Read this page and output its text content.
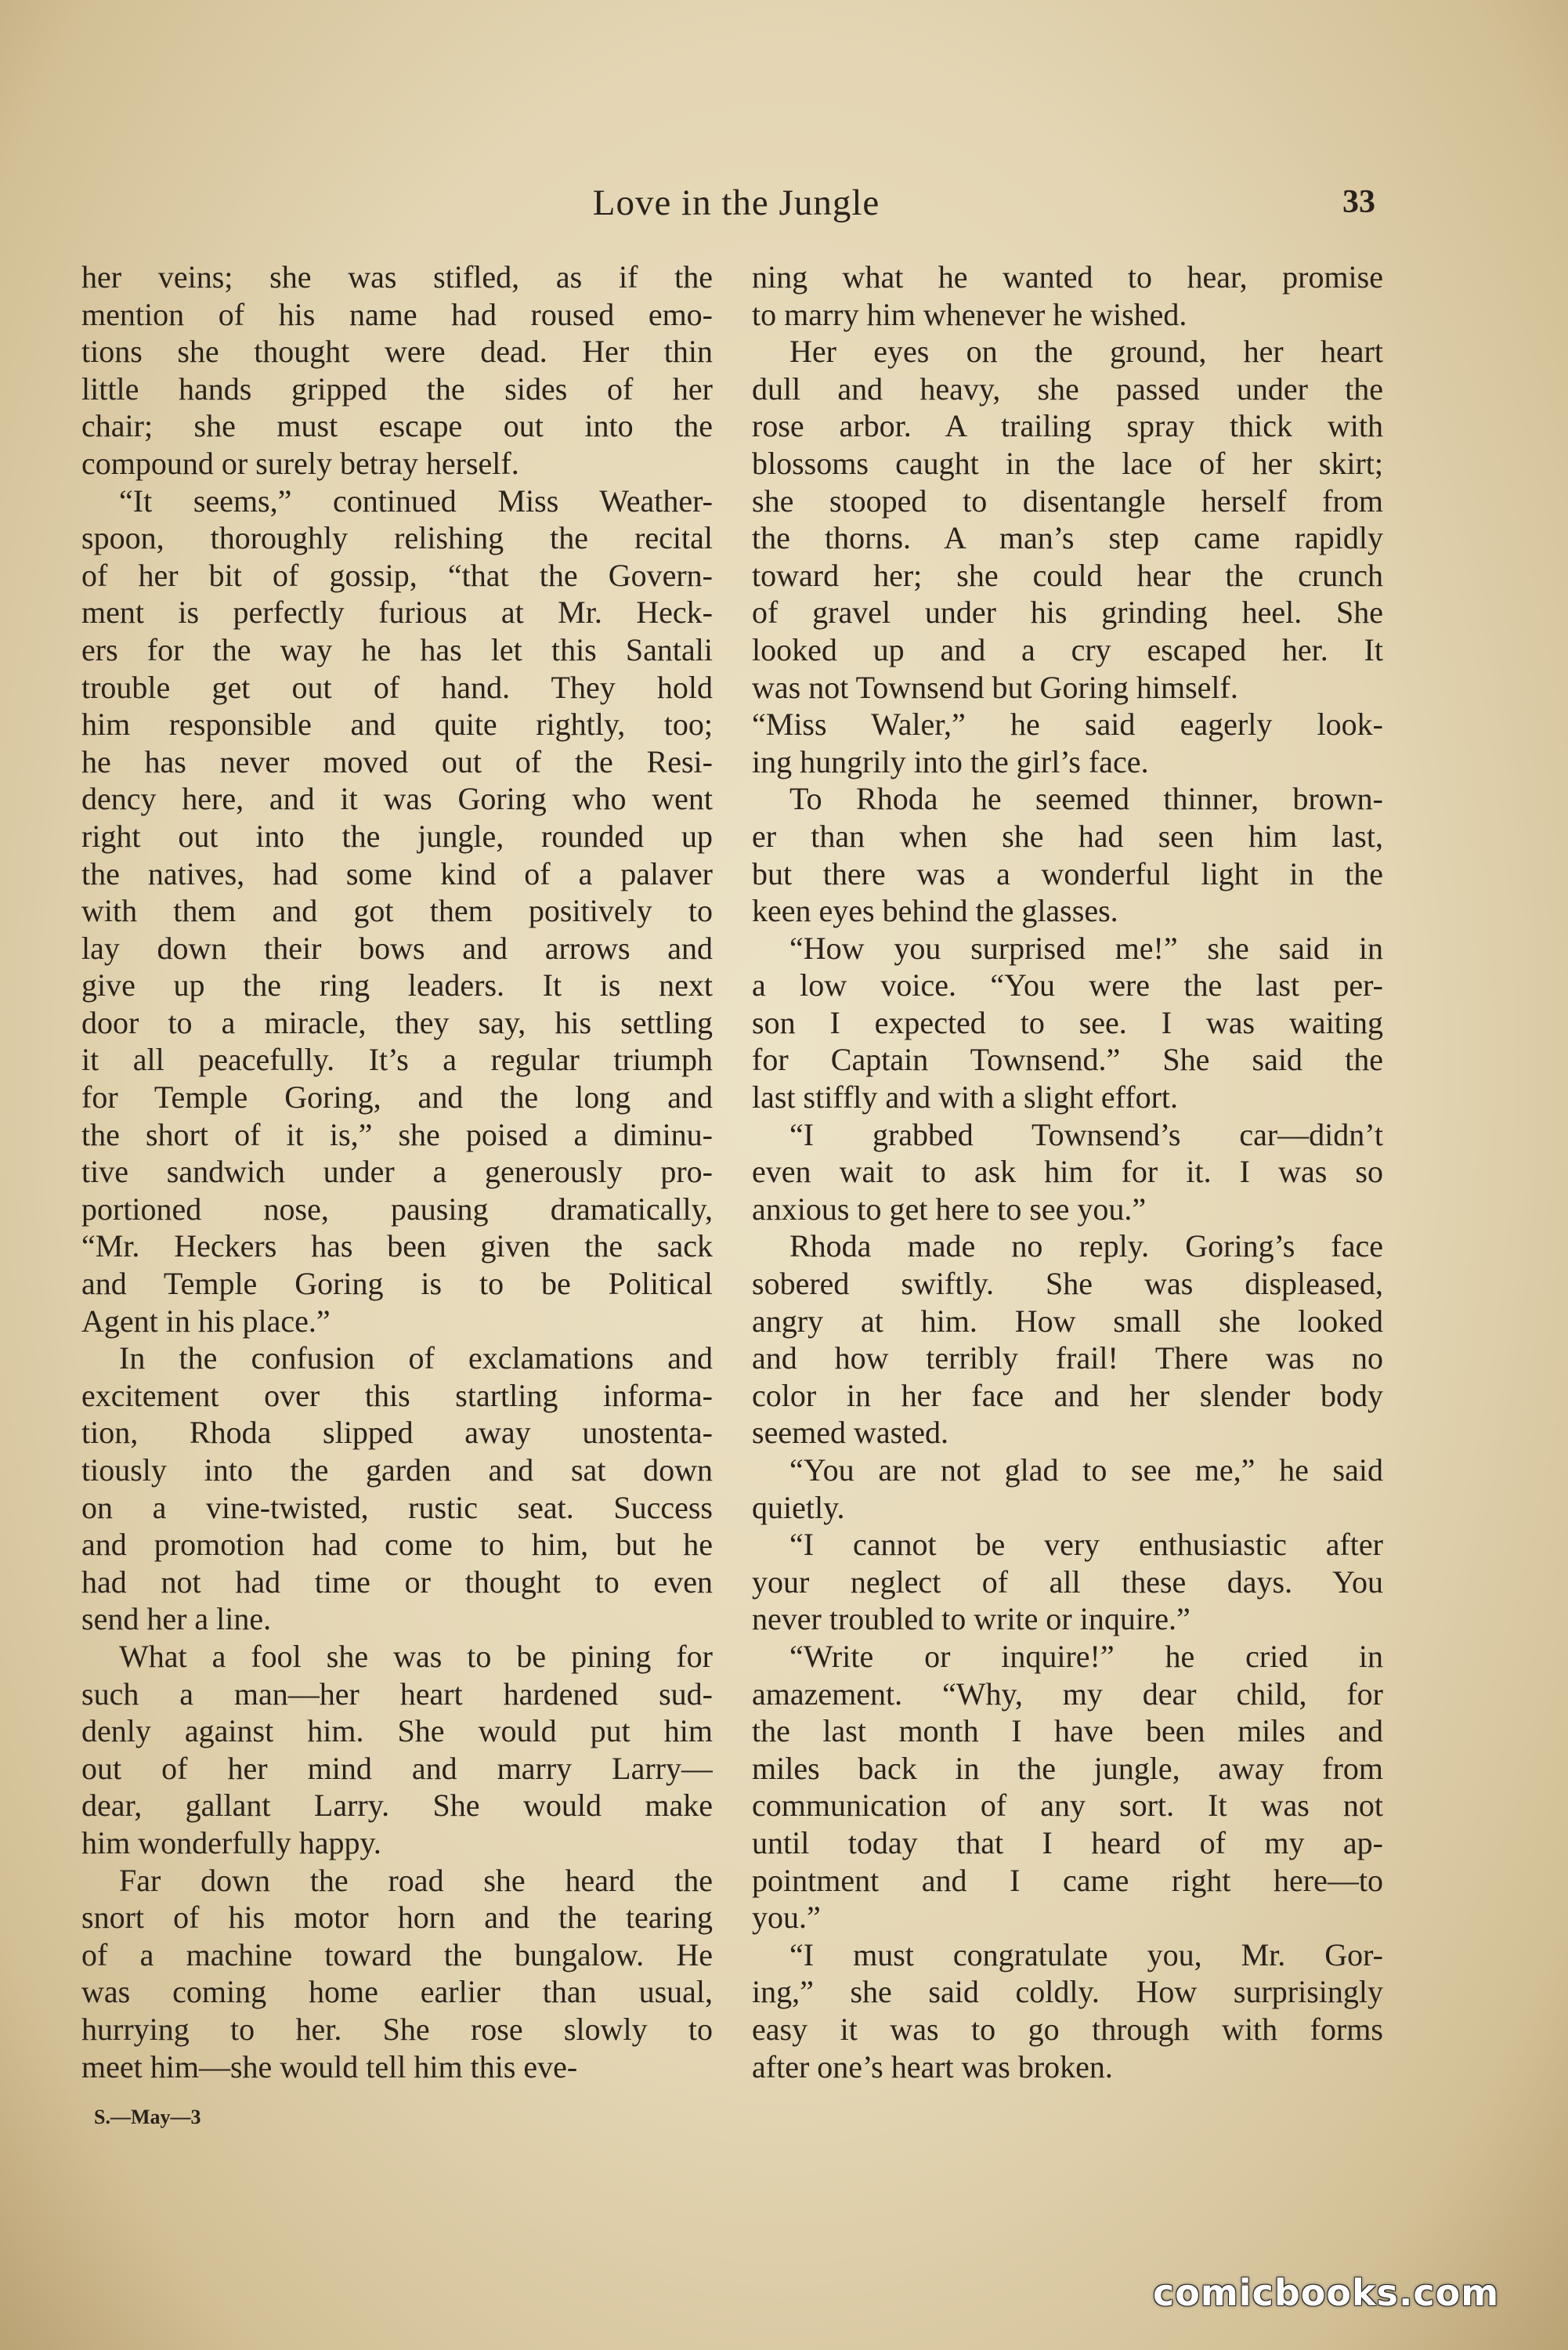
Love in the Jungle	33
her veins; she was stifled, as if the
mention of his name had roused emo-
tions she thought were dead. Her thin
little hands gripped the sides of her
chair; she must escape out into the
compound or surely betray herself.
“It seems,” continued Miss Weather-
spoon, thoroughly relishing the recital
of her bit of gossip, “that the Govern-
ment is perfectly furious at Mr. Heck-
ers for the way he has let this Santali
trouble get out of hand. They hold
him responsible and quite rightly, too;
he has never moved out of the Resi-
dency here, and it was Goring who went
right out into the jungle, rounded up
the natives, had some kind of a palaver
with them and got them positively to
lay down their bows and arrows and
give up the ring leaders. It is next
door to a miracle, they say, his settling
it all peacefully. It’s a regular triumph
for Temple Goring, and the long and
the short of it is,” she poised a diminu-
tive sandwich under a generously pro-
portioned nose, pausing dramatically,
“Mr. Heckers has been given the sack
and Temple Goring is to be Political
Agent in his place.”
In the confusion of exclamations and
excitement over this startling informa-
tion, Rhoda slipped away unostenta-
tiously into the garden and sat down
on a vine-twisted, rustic seat. Success
and promotion had come to him, but he
had not had time or thought to even
send her a line.
What a fool she was to be pining for
such a man—her heart hardened sud-
denly against him. She would put him
out of her mind and marry Larry—
dear, gallant Larry. She would make
him wonderfully happy.
Far down the road she heard the
snort of his motor horn and the tearing
of a machine toward the bungalow. He
was coming home earlier than usual,
hurrying to her. She rose slowly to
meet him—she would tell him this eve-
ning what he wanted to hear, promise
to marry him whenever he wished.
Her eyes on the ground, her heart
dull and heavy, she passed under the
rose arbor. A trailing spray thick with
blossoms caught in the lace of her skirt;
she stooped to disentangle herself from
the thorns. A man’s step came rapidly
toward her; she could hear the crunch
of gravel under his grinding heel. She
looked up and a cry escaped her. It
was not Townsend but Goring himself.
“Miss Waler,” he said eagerly look-
ing hungrily into the girl’s face.
To Rhoda he seemed thinner, brown-
er than when she had seen him last,
but there was a wonderful light in the
keen eyes behind the glasses.
“How you surprised me!” she said in
a low voice. “You were the last per-
son I expected to see. I was waiting
for Captain Townsend.” She said the
last stiffly and with a slight effort.
“I grabbed Townsend’s car—didn’t
even wait to ask him for it. I was so
anxious to get here to see you.”
Rhoda made no reply. Goring’s face
sobered swiftly. She was displeased,
angry at him. How small she looked
and how terribly frail! There was no
color in her face and her slender body
seemed wasted.
“You are not glad to see me,” he said
quietly.
“I cannot be very enthusiastic after
your neglect of all these days. You
never troubled to write or inquire.”
“Write or inquire!” he cried in
amazement. “Why, my dear child, for
the last month I have been miles and
miles back in the jungle, away from
communication of any sort. It was not
until today that I heard of my ap-
pointment and I came right here—to
you.”
“I must congratulate you, Mr. Gor-
ing,” she said coldly. How surprisingly
easy it was to go through with forms
after one’s heart was broken.
S.—May—3
comicbooks.com
